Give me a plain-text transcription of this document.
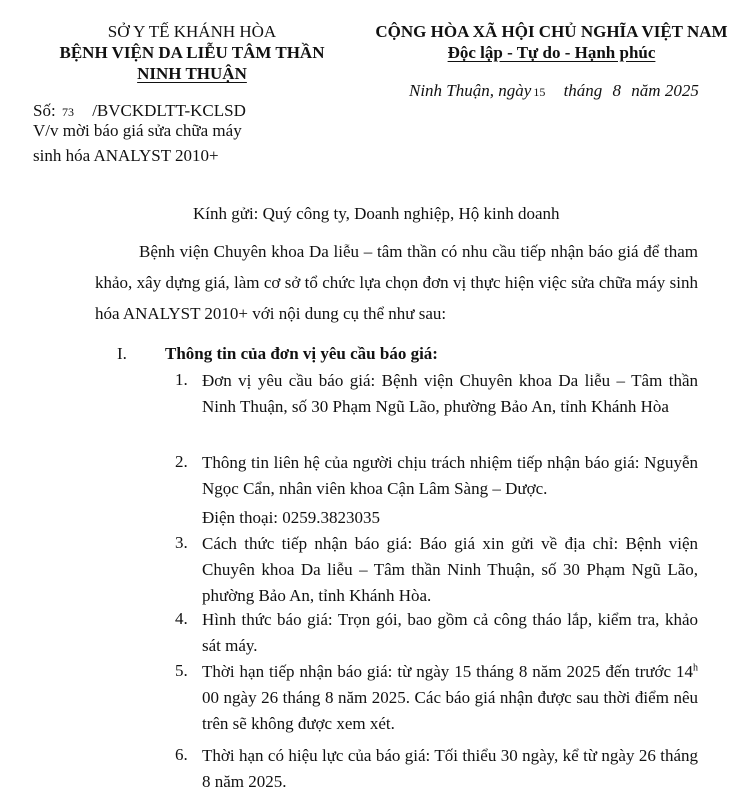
SỞ Y TẾ KHÁNH HÒA
BỆNH VIỆN DA LIỄU TÂM THẦN
NINH THUẬN
CỘNG HÒA XÃ HỘI CHỦ NGHĨA VIỆT NAM
Độc lập - Tự do - Hạnh phúc
Ninh Thuận, ngày 15 tháng 8 năm 2025
Số: 73 /BVCKDLTT-KCLSD
V/v mời báo giá sửa chữa máy
sinh hóa ANALYST 2010+
Kính gửi: Quý công ty, Doanh nghiệp, Hộ kinh doanh
Bệnh viện Chuyên khoa Da liễu – tâm thần có nhu cầu tiếp nhận báo giá để tham khảo, xây dựng giá, làm cơ sở tổ chức lựa chọn đơn vị thực hiện việc sửa chữa máy sinh hóa ANALYST 2010+ với nội dung cụ thể như sau:
I. Thông tin của đơn vị yêu cầu báo giá:
1. Đơn vị yêu cầu báo giá: Bệnh viện Chuyên khoa Da liễu – Tâm thần Ninh Thuận, số 30 Phạm Ngũ Lão, phường Bảo An, tỉnh Khánh Hòa
2. Thông tin liên hệ của người chịu trách nhiệm tiếp nhận báo giá: Nguyễn Ngọc Cẩn, nhân viên khoa Cận Lâm Sàng – Dược.
Điện thoại: 0259.3823035
3. Cách thức tiếp nhận báo giá: Báo giá xin gửi về địa chỉ: Bệnh viện Chuyên khoa Da liễu – Tâm thần Ninh Thuận, số 30 Phạm Ngũ Lão, phường Bảo An, tỉnh Khánh Hòa.
4. Hình thức báo giá: Trọn gói, bao gồm cả công tháo lắp, kiểm tra, khảo sát máy.
5. Thời hạn tiếp nhận báo giá: từ ngày 15 tháng 8 năm 2025 đến trước 14$^h$ 00 ngày 26 tháng 8 năm 2025. Các báo giá nhận được sau thời điểm nêu trên sẽ không được xem xét.
6. Thời hạn có hiệu lực của báo giá: Tối thiểu 30 ngày, kể từ ngày 26 tháng 8 năm 2025.
